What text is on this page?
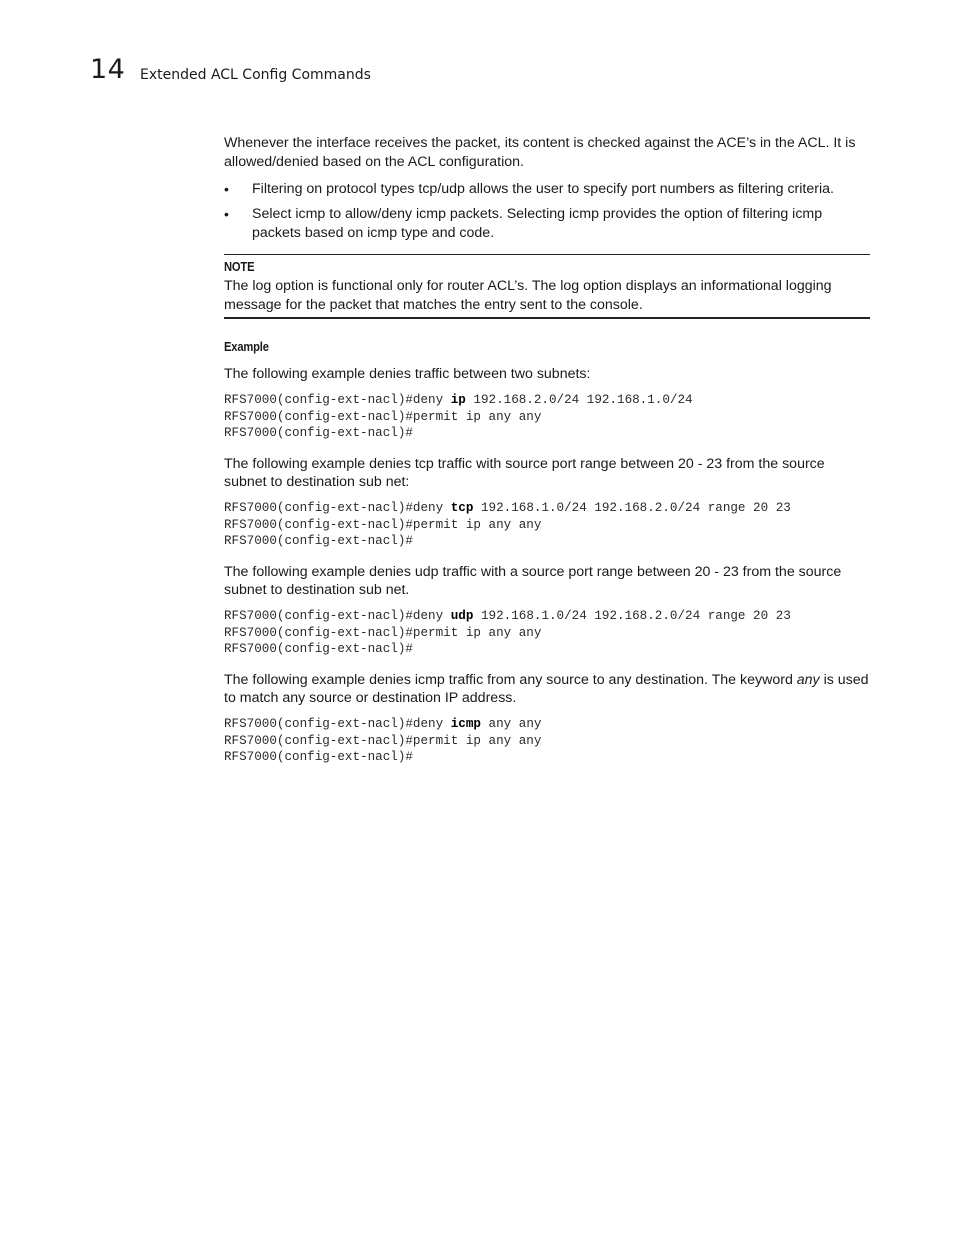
14 Extended ACL Config Commands

Whenever the interface receives the packet, its content is checked against the ACE’s in the ACL. It is allowed/denied based on the ACL configuration.

•	Filtering on protocol types tcp/udp allows the user to specify port numbers as filtering criteria.
•	Select icmp to allow/deny icmp packets. Selecting icmp provides the option of filtering icmp packets based on icmp type and code.
NOTE

The log option is functional only for router ACL’s. The log option displays an informational logging message for the packet that matches the entry sent to the console.

Example

The following example denies traffic between two subnets:

RFS7000(config-ext-nacl)#deny ip 192.168.2.0/24 192.168.1.0/24
RFS7000(config-ext-nacl)#permit ip any any
RFS7000(config-ext-nacl)#

The following example denies tcp traffic with source port range between 20 - 23 from the source subnet to destination sub net:

RFS7000(config-ext-nacl)#deny tcp 192.168.1.0/24 192.168.2.0/24 range 20 23
RFS7000(config-ext-nacl)#permit ip any any
RFS7000(config-ext-nacl)#

The following example denies udp traffic with a source port range between 20 - 23 from the source subnet to destination sub net.

RFS7000(config-ext-nacl)#deny udp 192.168.1.0/24 192.168.2.0/24 range 20 23
RFS7000(config-ext-nacl)#permit ip any any
RFS7000(config-ext-nacl)#

The following example denies icmp traffic from any source to any destination. The keyword any is used to match any source or destination IP address.

RFS7000(config-ext-nacl)#deny icmp any any
RFS7000(config-ext-nacl)#permit ip any any
RFS7000(config-ext-nacl)#
